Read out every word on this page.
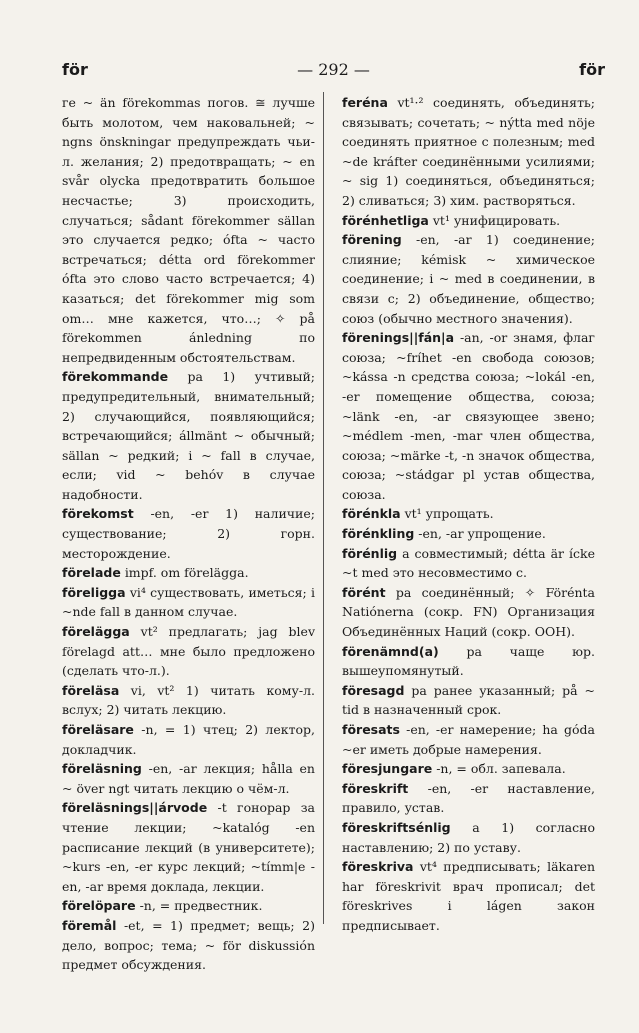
för	— 292 —	för

ге ~ än förekommas погов. ≅ лучше быть молотом, чем наковальней; ~ ngns önskningar предупреждать чьи-л. желания; 2) предотвращать; ~ en svår olycka предотвратить большое несчастье; 3) происходить, случаться; sådant förekommer sällan это случается редко; ófta ~ часто встречаться; détta ord förekommer ófta это слово часто встречается; 4) казаться; det förekommer mig som om… мне кажется, что…; ✧ på förekommen ánledning по непредвиденным обстоятельствам.

förekommande pa 1) учтивый; предупредительный, внимательный; 2) случающийся, появляющийся; встречающийся; állmänt ~ обычный; sällan ~ редкий; i ~ fall в случае, если; vid ~ behóv в случае надобности.

förekomst -en, -er 1) наличие; существование; 2) горн. месторождение.

förelade impf. om förelägga.

föreligga vi⁴ существовать, иметься; i ~nde fall в данном случае.

förelägga vt² предлагать; jag blev förelagd att… мне было предложено (сделать что-л.).

föreläsa vi, vt² 1) читать кому-л. вслух; 2) читать лекцию.

föreläsare -n, = 1) чтец; 2) лектор, докладчик.

föreläsning -en, -ar лекция; hålla en ~ över ngt читать лекцию о чём-л.

föreläsnings||árvode -t гонорар за чтение лекции; ~katalóg -en расписание лекций (в университете); ~kurs -en, -er курс лекций; ~tímm|e -en, -ar время доклада, лекции.

förelöpare -n, = предвестник.

föremål -et, = 1) предмет; вещь; 2) дело, вопрос; тема; ~ för diskussión предмет обсуждения.

feréna vt¹·² соединять, объединять; связывать; сочетать; ~ nýtta med nöje соединять приятное с полезным; med ~de kráfter соединёнными усилиями; ~ sig 1) соединяться, объединяться; 2) сливаться; 3) хим. растворяться.

förénhetliga vt¹ унифицировать.

förening -en, -ar 1) соединение; слияние; kémisk ~ химическое соединение; i ~ med в соединении, в связи с; 2) объединение, общество; союз (обычно местного значения).

förenings||fán|a -an, -or знамя, флаг союза; ~fríhet -en свобода союзов; ~kássa -n средства союза; ~lokál -en, -er помещение общества, союза; ~länk -en, -ar связующее звено; ~médlem -men, -mar член общества, союза; ~märke -t, -n значок общества, союза; ~stádgar pl устав общества, союза.

förénkla vt¹ упрощать.

förénkling -en, -ar упрощение.

förénlig a совместимый; détta är ícke ~t med это несовместимо с.

förént pa соединённый; ✧ Förénta Natiónerna (сокр. FN) Организация Объединённых Наций (сокр. ООН).

förenämnd(a) pa чаще юр. вышеупомянутый.

föresagd pa ранее указанный; på ~ tid в назначенный срок.

föresats -en, -er намерение; ha góda ~er иметь добрые намерения.

föresjungare -n, = обл. запевала.

föreskrift -en, -er наставление, правило, устав.

föreskriftsénlig a 1) согласно наставлению; 2) по уставу.

föreskriva vt⁴ предписывать; läkaren har föreskrivit врач прописал; det föreskrives i lágen закон предписывает.
